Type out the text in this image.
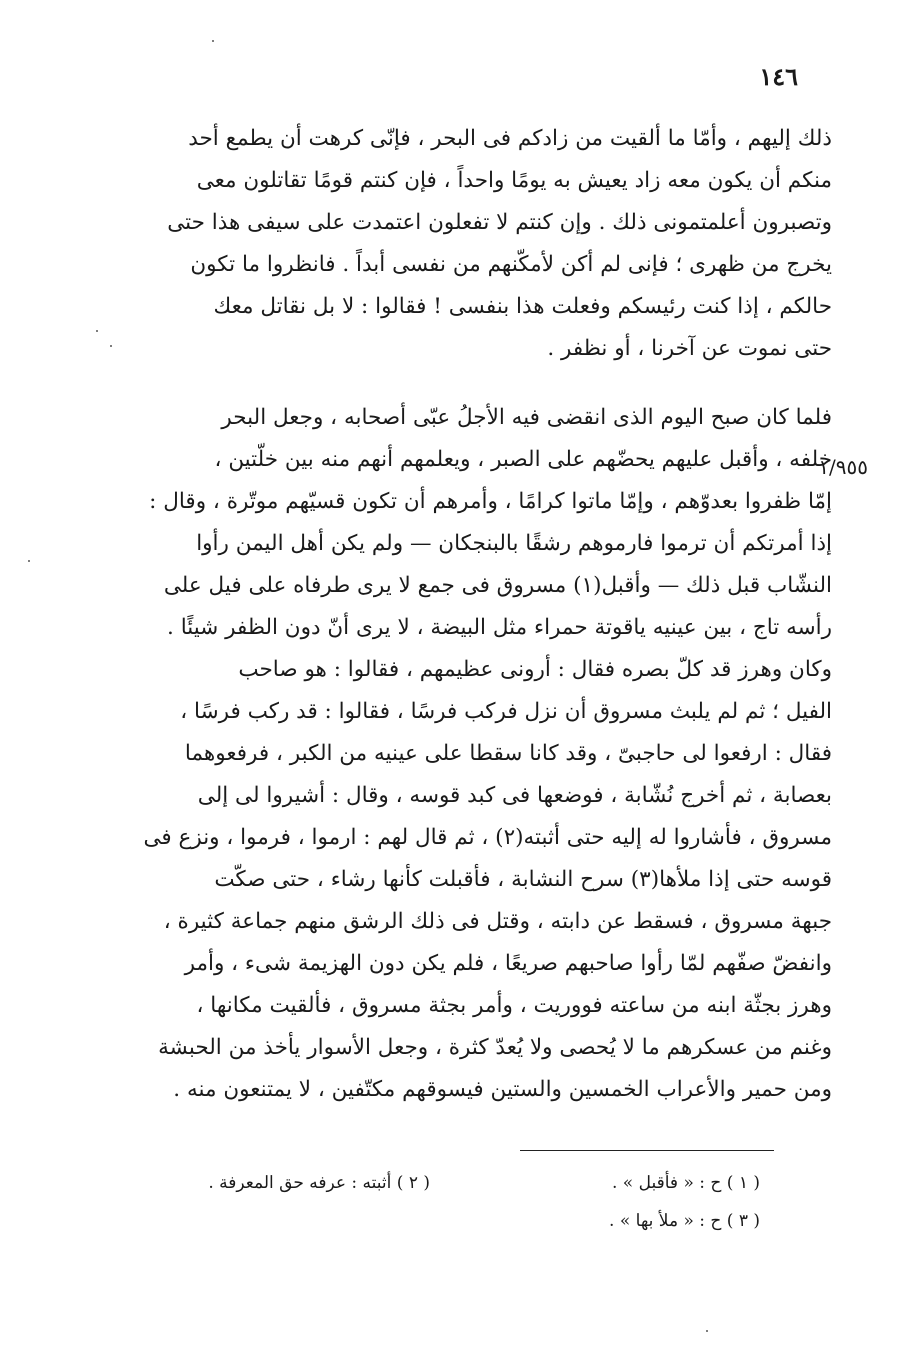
١٤٦
١/٩٥٥
ذلك إليهم ، وأمّا ما ألقيت من زادكم فى البحر ، فإنّى كرهت أن يطمع أحد
منكم أن يكون معه زاد يعيش به يومًا واحداً ، فإن كنتم قومًا تقاتلون معى
وتصبرون أعلمتمونى ذلك . وإن كنتم لا تفعلون اعتمدت على سيفى هذا حتى
يخرج من ظهرى ؛ فإنى لم أكن لأمكّنهم من نفسى أبداً . فانظروا ما تكون
حالكم ، إذا كنت رئيسكم وفعلت هذا بنفسى ! فقالوا : لا بل نقاتل معك
حتى نموت عن آخرنا ، أو نظفر .
فلما كان صبح اليوم الذى انقضى فيه الأجلُ عبّى أصحابه ، وجعل البحر
خلفه ، وأقبل عليهم يحضّهم على الصبر ، ويعلمهم أنهم منه بين خلّتين ،
إمّا ظفروا بعدوّهم ، وإمّا ماتوا كرامًا ، وأمرهم أن تكون قسيّهم موتّرة ، وقال :
إذا أمرتكم أن ترموا فارموهم رشقًا بالبنجكان — ولم يكن أهل اليمن رأوا
النشّاب قبل ذلك — وأقبل(١) مسروق فى جمع لا يرى طرفاه على فيل على
رأسه تاج ، بين عينيه ياقوتة حمراء مثل البيضة ، لا يرى أنّ دون الظفر شيئًا .
وكان وهرز قد كلّ بصره فقال : أرونى عظيمهم ، فقالوا : هو صاحب
الفيل ؛ ثم لم يلبث مسروق أن نزل فركب فرسًا ، فقالوا : قد ركب فرسًا ،
فقال : ارفعوا لى حاجبىّ ، وقد كانا سقطا على عينيه من الكبر ، فرفعوهما
بعصابة ، ثم أخرج نُشّابة ، فوضعها فى كبد قوسه ، وقال : أشيروا لى إلى
مسروق ، فأشاروا له إليه حتى أثبته(٢) ، ثم قال لهم : ارموا ، فرموا ، ونزع فى
قوسه حتى إذا ملأها(٣) سرح النشابة ، فأقبلت كأنها رشاء ، حتى صكّت
جبهة مسروق ، فسقط عن دابته ، وقتل فى ذلك الرشق منهم جماعة كثيرة ،
وانفضّ صفّهم لمّا رأوا صاحبهم صريعًا ، فلم يكن دون الهزيمة شىء ، وأمر
وهرز بجثّة ابنه من ساعته فووريت ، وأمر بجثة مسروق ، فألقيت مكانها ،
وغنم من عسكرهم ما لا يُحصى ولا يُعدّ كثرة ، وجعل الأسوار يأخذ من الحبشة
ومن حمير والأعراب الخمسين والستين فيسوقهم مكتّفين ، لا يمتنعون منه .
( ١ ) ح : « فأقبل » .
( ٢ ) أثبته : عرفه حق المعرفة .
( ٣ ) ح : « ملأ بها » .
